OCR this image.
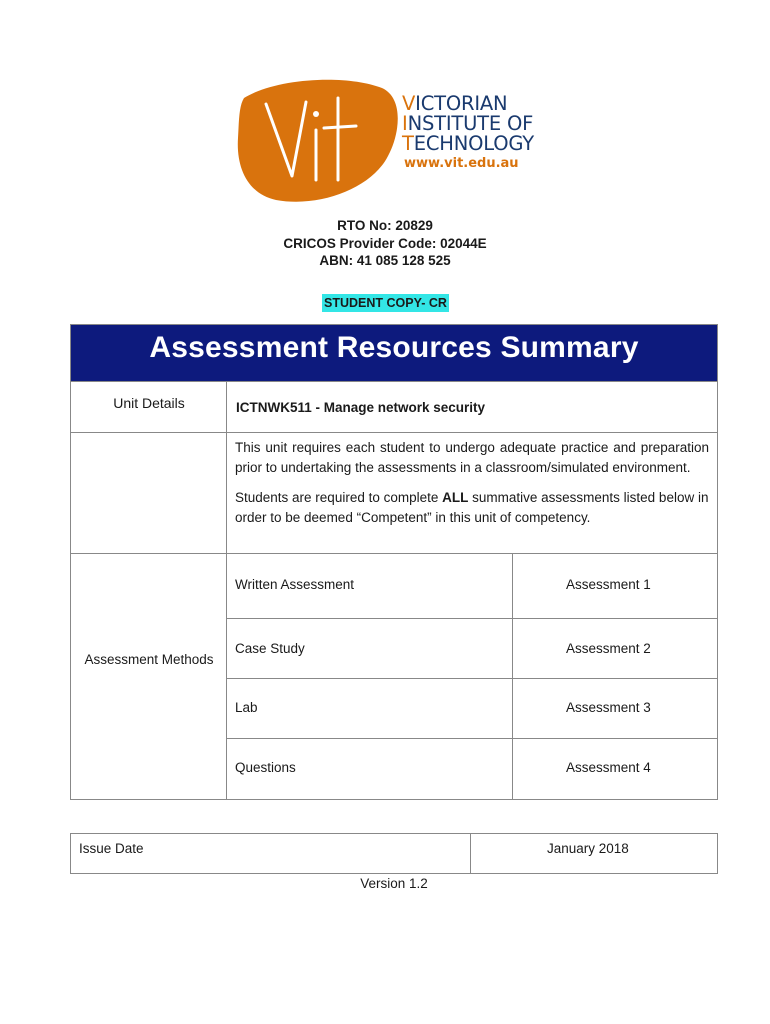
VICTORIAN
INSTITUTE OF
TECHNOLOGY
www.vit.edu.au
RTO No: 20829
CRICOS Provider Code: 02044E
ABN: 41 085 128 525
STUDENT COPY- CR
Assessment Resources Summary
Unit Details	ICTNWK511 - Manage network security

This unit requires each student to undergo adequate practice and preparation prior to undertaking the assessments in a classroom/simulated environment.

Students are required to complete ALL summative assessments listed below in order to be deemed “Competent” in this unit of competency.

Assessment Methods
Written Assessment	Assessment 1
Case Study	Assessment 2
Lab	Assessment 3
Questions	Assessment 4
Issue Date	January 2018
Version 1.2
